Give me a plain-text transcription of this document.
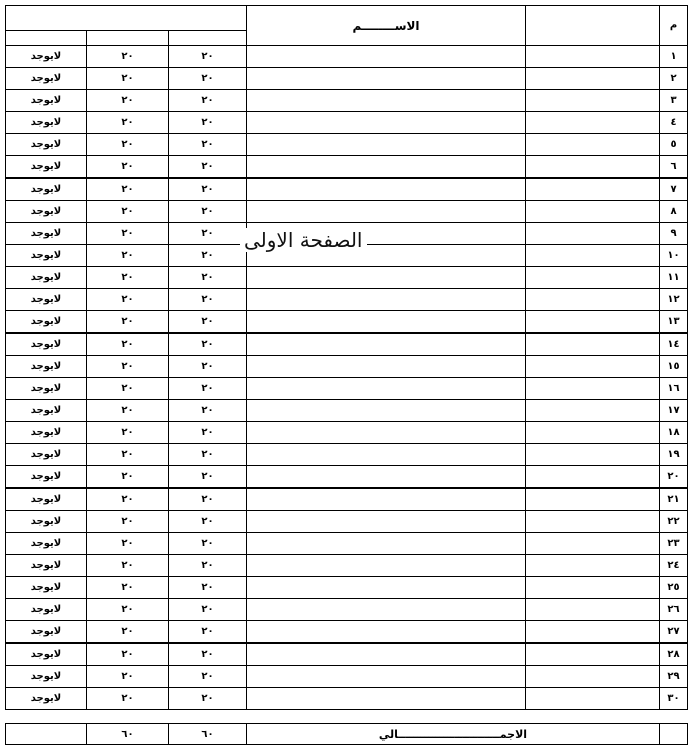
			الاســــــــم		م

لايوجد	٢٠	٢٠			١
لايوجد	٢٠	٢٠			٢
لايوجد	٢٠	٢٠			٣
لايوجد	٢٠	٢٠			٤
لايوجد	٢٠	٢٠			٥
لايوجد	٢٠	٢٠			٦
لايوجد	٢٠	٢٠			٧
لايوجد	٢٠	٢٠			٨
لايوجد	٢٠	٢٠			٩
لايوجد	٢٠	٢٠			١٠
لايوجد	٢٠	٢٠			١١
لايوجد	٢٠	٢٠			١٢
لايوجد	٢٠	٢٠			١٣
لايوجد	٢٠	٢٠			١٤
لايوجد	٢٠	٢٠			١٥
لايوجد	٢٠	٢٠			١٦
لايوجد	٢٠	٢٠			١٧
لايوجد	٢٠	٢٠			١٨
لايوجد	٢٠	٢٠			١٩
لايوجد	٢٠	٢٠			٢٠
لايوجد	٢٠	٢٠			٢١
لايوجد	٢٠	٢٠			٢٢
لايوجد	٢٠	٢٠			٢٣
لايوجد	٢٠	٢٠			٢٤
لايوجد	٢٠	٢٠			٢٥
لايوجد	٢٠	٢٠			٢٦
لايوجد	٢٠	٢٠			٢٧
لايوجد	٢٠	٢٠			٢٨
لايوجد	٢٠	٢٠			٢٩
لايوجد	٢٠	٢٠			٣٠
الصفحة الاولى
	٦٠	٦٠	الاجمـــــــــــــــــــــــــــالي	
